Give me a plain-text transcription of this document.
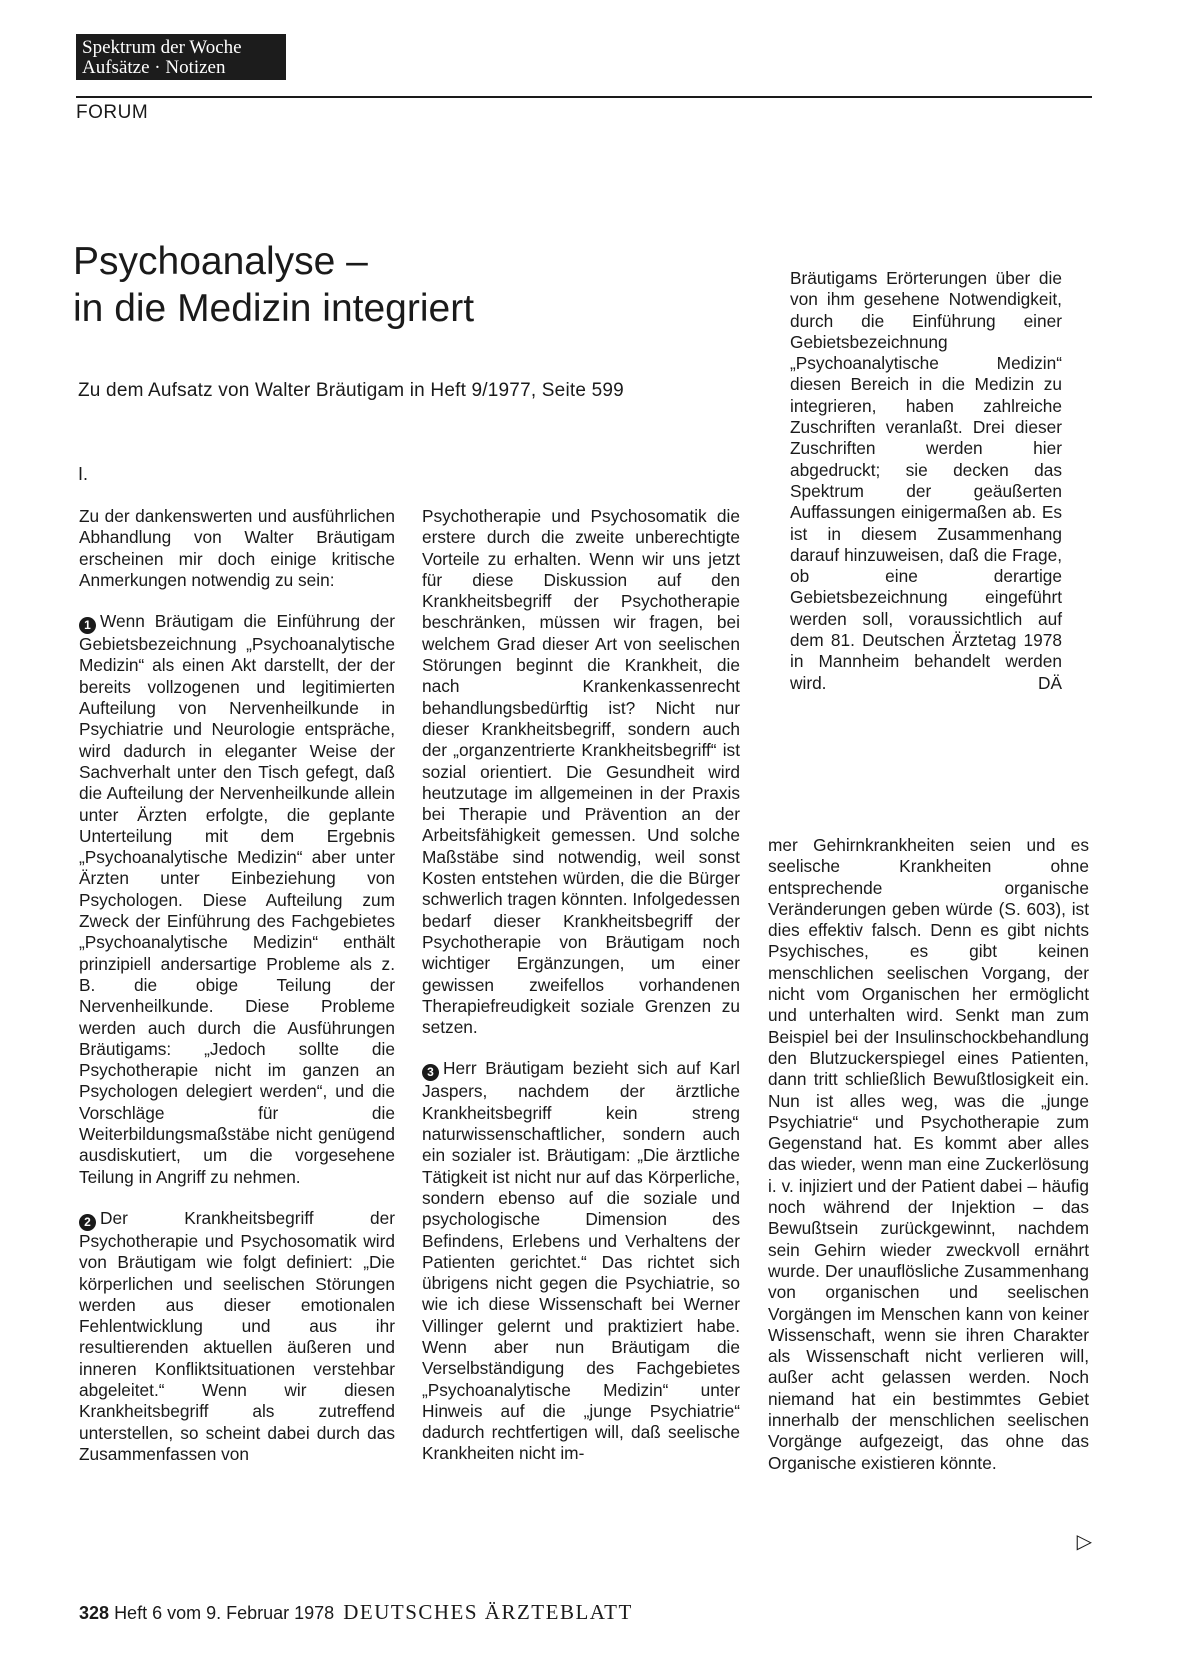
Spektrum der Woche
Aufsätze · Notizen
FORUM
Psychoanalyse –
in die Medizin integriert
Zu dem Aufsatz von Walter Bräutigam in Heft 9/1977, Seite 599
I.
Bräutigams Erörterungen über die von ihm gesehene Notwendigkeit, durch die Einführung einer Gebietsbezeichnung „Psychoanalytische Medizin“ diesen Bereich in die Medizin zu integrieren, haben zahlreiche Zuschriften veranlaßt. Drei dieser Zuschriften werden hier abgedruckt; sie decken das Spektrum der geäußerten Auffassungen einigermaßen ab. Es ist in diesem Zusammenhang darauf hinzuweisen, daß die Frage, ob eine derartige Gebietsbezeichnung eingeführt werden soll, voraussichtlich auf dem 81. Deutschen Ärztetag 1978 in Mannheim behandelt werden wird.	DÄ

Zu der dankenswerten und ausführlichen Abhandlung von Walter Bräutigam erscheinen mir doch einige kritische Anmerkungen notwendig zu sein:

1 Wenn Bräutigam die Einführung der Gebietsbezeichnung „Psychoanalytische Medizin“ als einen Akt darstellt, der der bereits vollzogenen und legitimierten Aufteilung von Nervenheilkunde in Psychiatrie und Neurologie entspräche, wird dadurch in eleganter Weise der Sachverhalt unter den Tisch gefegt, daß die Aufteilung der Nervenheilkunde allein unter Ärzten erfolgte, die geplante Unterteilung mit dem Ergebnis „Psychoanalytische Medizin“ aber unter Ärzten unter Einbeziehung von Psychologen. Diese Aufteilung zum Zweck der Einführung des Fachgebietes „Psychoanalytische Medizin“ enthält prinzipiell andersartige Probleme als z. B. die obige Teilung der Nervenheilkunde. Diese Probleme werden auch durch die Ausführungen Bräutigams: „Jedoch sollte die Psychotherapie nicht im ganzen an Psychologen delegiert werden“, und die Vorschläge für die Weiterbildungsmaßstäbe nicht genügend ausdiskutiert, um die vorgesehene Teilung in Angriff zu nehmen.

2 Der Krankheitsbegriff der Psychotherapie und Psychosomatik wird von Bräutigam wie folgt definiert: „Die körperlichen und seelischen Störungen werden aus dieser emotionalen Fehlentwicklung und aus ihr resultierenden aktuellen äußeren und inneren Konfliktsituationen verstehbar abgeleitet.“ Wenn wir diesen Krankheitsbegriff als zutreffend unterstellen, so scheint dabei durch das Zusammenfassen von

Psychotherapie und Psychosomatik die erstere durch die zweite unberechtigte Vorteile zu erhalten. Wenn wir uns jetzt für diese Diskussion auf den Krankheitsbegriff der Psychotherapie beschränken, müssen wir fragen, bei welchem Grad dieser Art von seelischen Störungen beginnt die Krankheit, die nach Krankenkassenrecht behandlungsbedürftig ist? Nicht nur dieser Krankheitsbegriff, sondern auch der „organzentrierte Krankheitsbegriff“ ist sozial orientiert. Die Gesundheit wird heutzutage im allgemeinen in der Praxis bei Therapie und Prävention an der Arbeitsfähigkeit gemessen. Und solche Maßstäbe sind notwendig, weil sonst Kosten entstehen würden, die die Bürger schwerlich tragen könnten. Infolgedessen bedarf dieser Krankheitsbegriff der Psychotherapie von Bräutigam noch wichtiger Ergänzungen, um einer gewissen zweifellos vorhandenen Therapiefreudigkeit soziale Grenzen zu setzen.

3 Herr Bräutigam bezieht sich auf Karl Jaspers, nachdem der ärztliche Krankheitsbegriff kein streng naturwissenschaftlicher, sondern auch ein sozialer ist. Bräutigam: „Die ärztliche Tätigkeit ist nicht nur auf das Körperliche, sondern ebenso auf die soziale und psychologische Dimension des Befindens, Erlebens und Verhaltens der Patienten gerichtet.“ Das richtet sich übrigens nicht gegen die Psychiatrie, so wie ich diese Wissenschaft bei Werner Villinger gelernt und praktiziert habe. Wenn aber nun Bräutigam die Verselbständigung des Fachgebietes „Psychoanalytische Medizin“ unter Hinweis auf die „junge Psychiatrie“ dadurch rechtfertigen will, daß seelische Krankheiten nicht im-

mer Gehirnkrankheiten seien und es seelische Krankheiten ohne entsprechende organische Veränderungen geben würde (S. 603), ist dies effektiv falsch. Denn es gibt nichts Psychisches, es gibt keinen menschlichen seelischen Vorgang, der nicht vom Organischen her ermöglicht und unterhalten wird. Senkt man zum Beispiel bei der Insulinschockbehandlung den Blutzuckerspiegel eines Patienten, dann tritt schließlich Bewußtlosigkeit ein. Nun ist alles weg, was die „junge Psychiatrie“ und Psychotherapie zum Gegenstand hat. Es kommt aber alles das wieder, wenn man eine Zuckerlösung i. v. injiziert und der Patient dabei – häufig noch während der Injektion – das Bewußtsein zurückgewinnt, nachdem sein Gehirn wieder zweckvoll ernährt wurde. Der unauflösliche Zusammenhang von organischen und seelischen Vorgängen im Menschen kann von keiner Wissenschaft, wenn sie ihren Charakter als Wissenschaft nicht verlieren will, außer acht gelassen werden. Noch niemand hat ein bestimmtes Gebiet innerhalb der menschlichen seelischen Vorgänge aufgezeigt, das ohne das Organische existieren könnte.

▷
328 Heft 6 vom 9. Februar 1978 DEUTSCHES ÄRZTEBLATT
